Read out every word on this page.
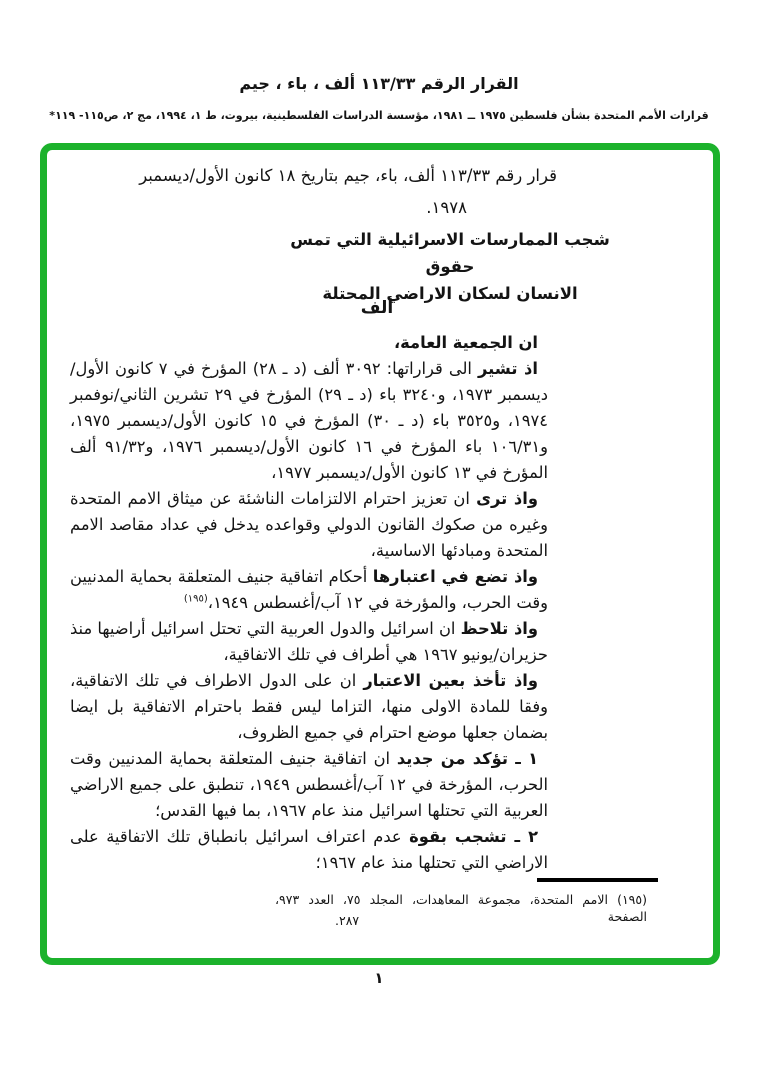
القرار الرقم ١١٣/٣٣ ألف ، باء ، جيم
قرارات الأمم المتحدة بشأن فلسطين ١٩٧٥ ــ ١٩٨١، مؤسسة الدراسات الفلسطينية، بيروت، ط ١، ١٩٩٤، مج ٢، ص١١٥- ١١٩*
قرار رقم ١١٣/٣٣ ألف، باء، جيم بتاريخ ١٨ كانون الأول/ديسمبر
١٩٧٨.
شجب الممارسات الاسرائيلية التي تمس حقوق
الانسان لسكان الاراضي المحتلة
ألف

ان الجمعية العامة،

اذ تشير الى قراراتها: ٣٠٩٢ ألف (د ـ ٢٨) المؤرخ في ٧ كانون الأول/ديسمبر ١٩٧٣، و٣٢٤٠ باء (د ـ ٢٩) المؤرخ في ٢٩ تشرين الثاني/نوفمبر ١٩٧٤، و٣٥٢٥ باء (د ـ ٣٠) المؤرخ في ١٥ كانون الأول/ديسمبر ١٩٧٥، و١٠٦/٣١ باء المؤرخ في ١٦ كانون الأول/ديسمبر ١٩٧٦، و٩١/٣٢ ألف المؤرخ في ١٣ كانون الأول/ديسمبر ١٩٧٧،

واذ ترى ان تعزيز احترام الالتزامات الناشئة عن ميثاق الامم المتحدة وغيره من صكوك القانون الدولي وقواعده يدخل في عداد مقاصد الامم المتحدة ومبادئها الاساسية،

واذ تضع في اعتبارها أحكام اتفاقية جنيف المتعلقة بحماية المدنيين وقت الحرب، والمؤرخة في ١٢ آب/أغسطس ١٩٤٩،$^{(١٩٥)}$

واذ تلاحظ ان اسرائيل والدول العربية التي تحتل اسرائيل أراضيها منذ حزيران/يونيو ١٩٦٧ هي أطراف في تلك الاتفاقية،

واذ تأخذ بعين الاعتبار ان على الدول الاطراف في تلك الاتفاقية، وفقا للمادة الاولى منها، التزاما ليس فقط باحترام الاتفاقية بل ايضا بضمان جعلها موضع احترام في جميع الظروف،

١ ـ تؤكد من جديد ان اتفاقية جنيف المتعلقة بحماية المدنيين وقت الحرب، المؤرخة في ١٢ آب/أغسطس ١٩٤٩، تنطبق على جميع الاراضي العربية التي تحتلها اسرائيل منذ عام ١٩٦٧، بما فيها القدس؛

٢ ـ تشجب بقوة عدم اعتراف اسرائيل بانطباق تلك الاتفاقية على الاراضي التي تحتلها منذ عام ١٩٦٧؛

(١٩٥) الامم المتحدة، مجموعة المعاهدات، المجلد ٧٥، العدد ٩٧٣، الصفحة
٢٨٧.
١
